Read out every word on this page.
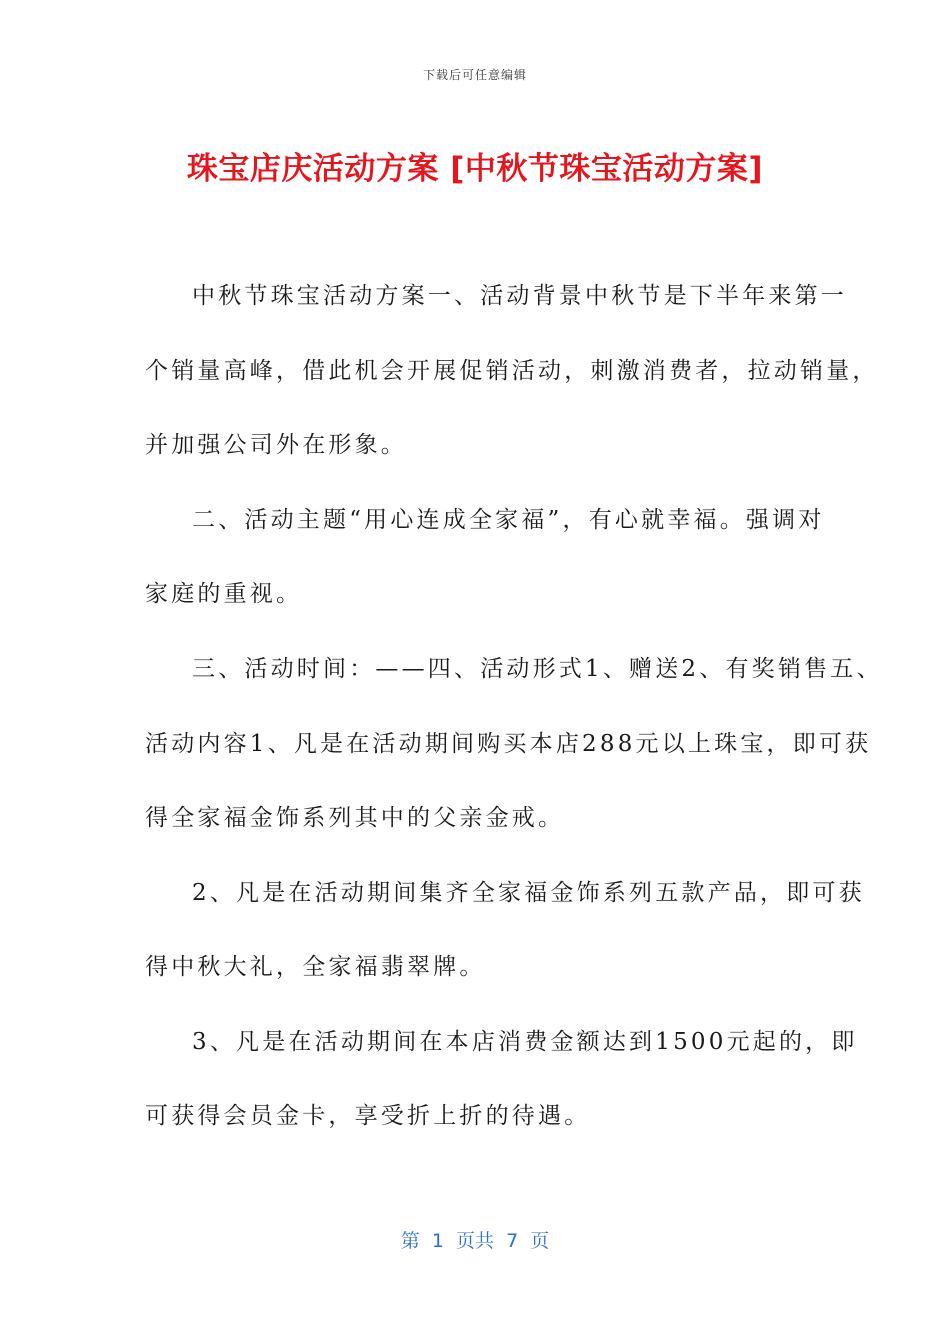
下载后可任意编辑
珠宝店庆活动方案 [中秋节珠宝活动方案]
中秋节珠宝活动方案一、活动背景中秋节是下半年来第一
个销量高峰，借此机会开展促销活动，刺激消费者，拉动销量，
并加强公司外在形象。
二、活动主题“用心连成全家福”，有心就幸福。强调对
家庭的重视。
三、活动时间：——四、活动形式1、赠送2、有奖销售五、
活动内容1、凡是在活动期间购买本店288元以上珠宝，即可获
得全家福金饰系列其中的父亲金戒。
2、凡是在活动期间集齐全家福金饰系列五款产品，即可获
得中秋大礼，全家福翡翠牌。
3、凡是在活动期间在本店消费金额达到1500元起的，即
可获得会员金卡，享受折上折的待遇。
第  1  页共  7  页
